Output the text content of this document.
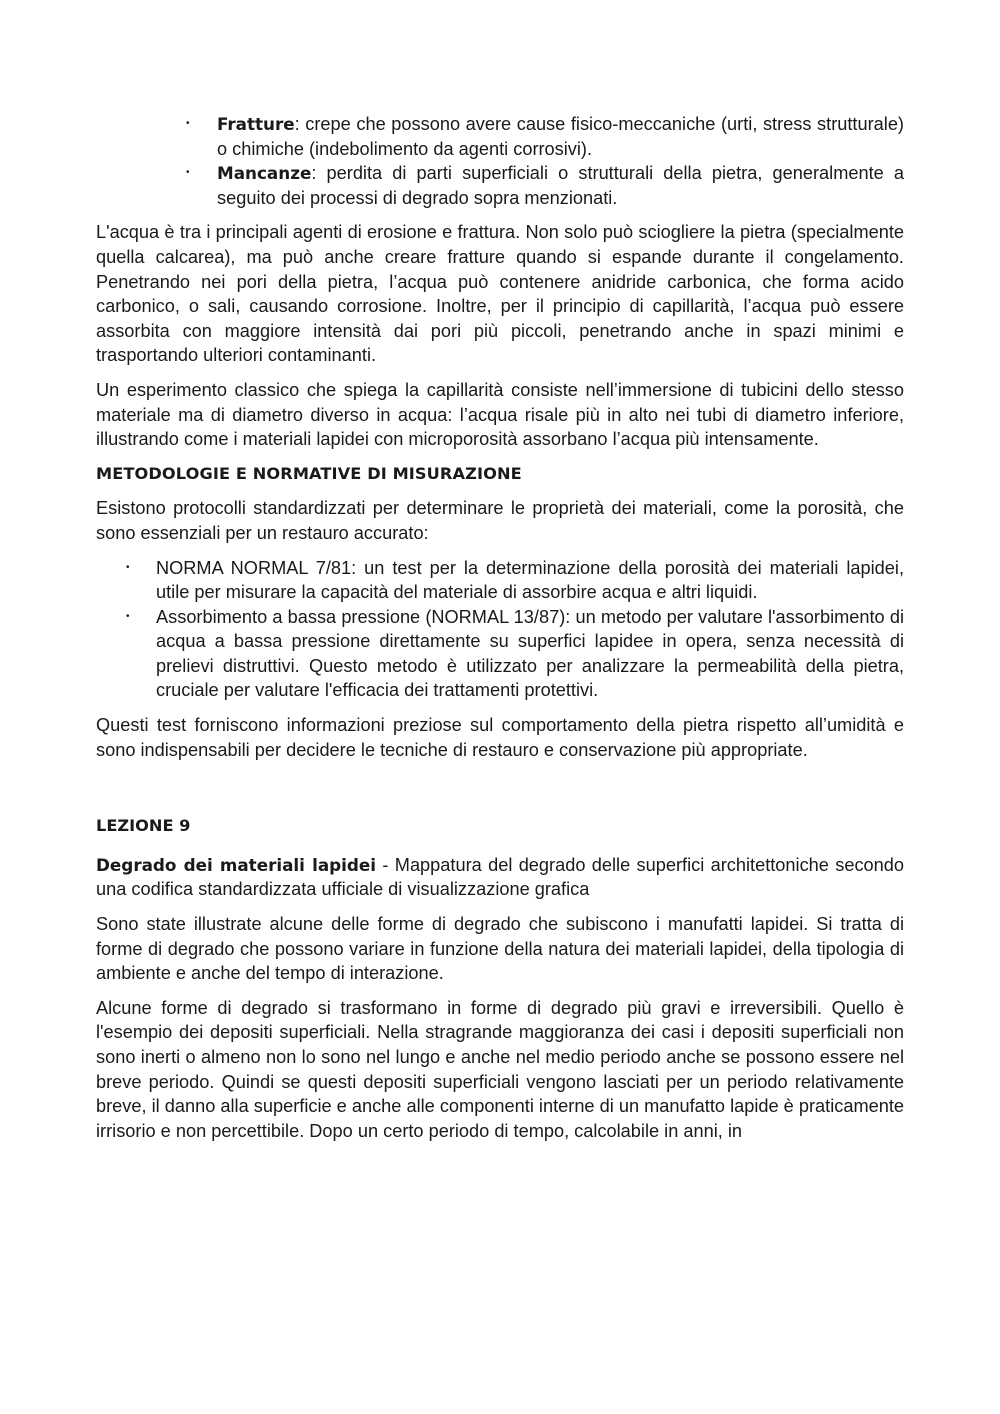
• Fratture: crepe che possono avere cause fisico-meccaniche (urti, stress strutturale) o chimiche (indebolimento da agenti corrosivi).
• Mancanze: perdita di parti superficiali o strutturali della pietra, generalmente a seguito dei processi di degrado sopra menzionati.

L'acqua è tra i principali agenti di erosione e frattura. Non solo può sciogliere la pietra (specialmente quella calcarea), ma può anche creare fratture quando si espande durante il congelamento. Penetrando nei pori della pietra, l’acqua può contenere anidride carbonica, che forma acido carbonico, o sali, causando corrosione. Inoltre, per il principio di capillarità, l’acqua può essere assorbita con maggiore intensità dai pori più piccoli, penetrando anche in spazi minimi e trasportando ulteriori contaminanti.

Un esperimento classico che spiega la capillarità consiste nell’immersione di tubicini dello stesso materiale ma di diametro diverso in acqua: l’acqua risale più in alto nei tubi di diametro inferiore, illustrando come i materiali lapidei con microporosità assorbano l’acqua più intensamente.

METODOLOGIE E NORMATIVE DI MISURAZIONE

Esistono protocolli standardizzati per determinare le proprietà dei materiali, come la porosità, che sono essenziali per un restauro accurato:

• NORMA NORMAL 7/81: un test per la determinazione della porosità dei materiali lapidei, utile per misurare la capacità del materiale di assorbire acqua e altri liquidi.
• Assorbimento a bassa pressione (NORMAL 13/87): un metodo per valutare l'assorbimento di acqua a bassa pressione direttamente su superfici lapidee in opera, senza necessità di prelievi distruttivi. Questo metodo è utilizzato per analizzare la permeabilità della pietra, cruciale per valutare l'efﬁcacia dei trattamenti protettivi.

Questi test forniscono informazioni preziose sul comportamento della pietra rispetto all’umidità e sono indispensabili per decidere le tecniche di restauro e conservazione più appropriate.

LEZIONE 9

Degrado dei materiali lapidei - Mappatura del degrado delle superfici architettoniche secondo una codifica standardizzata ufﬁciale di visualizzazione grafica

Sono state illustrate alcune delle forme di degrado che subiscono i manufatti lapidei. Si tratta di forme di degrado che possono variare in funzione della natura dei materiali lapidei, della tipologia di ambiente e anche del tempo di interazione.

Alcune forme di degrado si trasformano in forme di degrado più gravi e irreversibili. Quello è l'esempio dei depositi superficiali. Nella stragrande maggioranza dei casi i depositi superficiali non sono inerti o almeno non lo sono nel lungo e anche nel medio periodo anche se possono essere nel breve periodo. Quindi se questi depositi superficiali vengono lasciati per un periodo relativamente breve, il danno alla superficie e anche alle componenti interne di un manufatto lapide è praticamente irrisorio e non percettibile. Dopo un certo periodo di tempo, calcolabile in anni, in
